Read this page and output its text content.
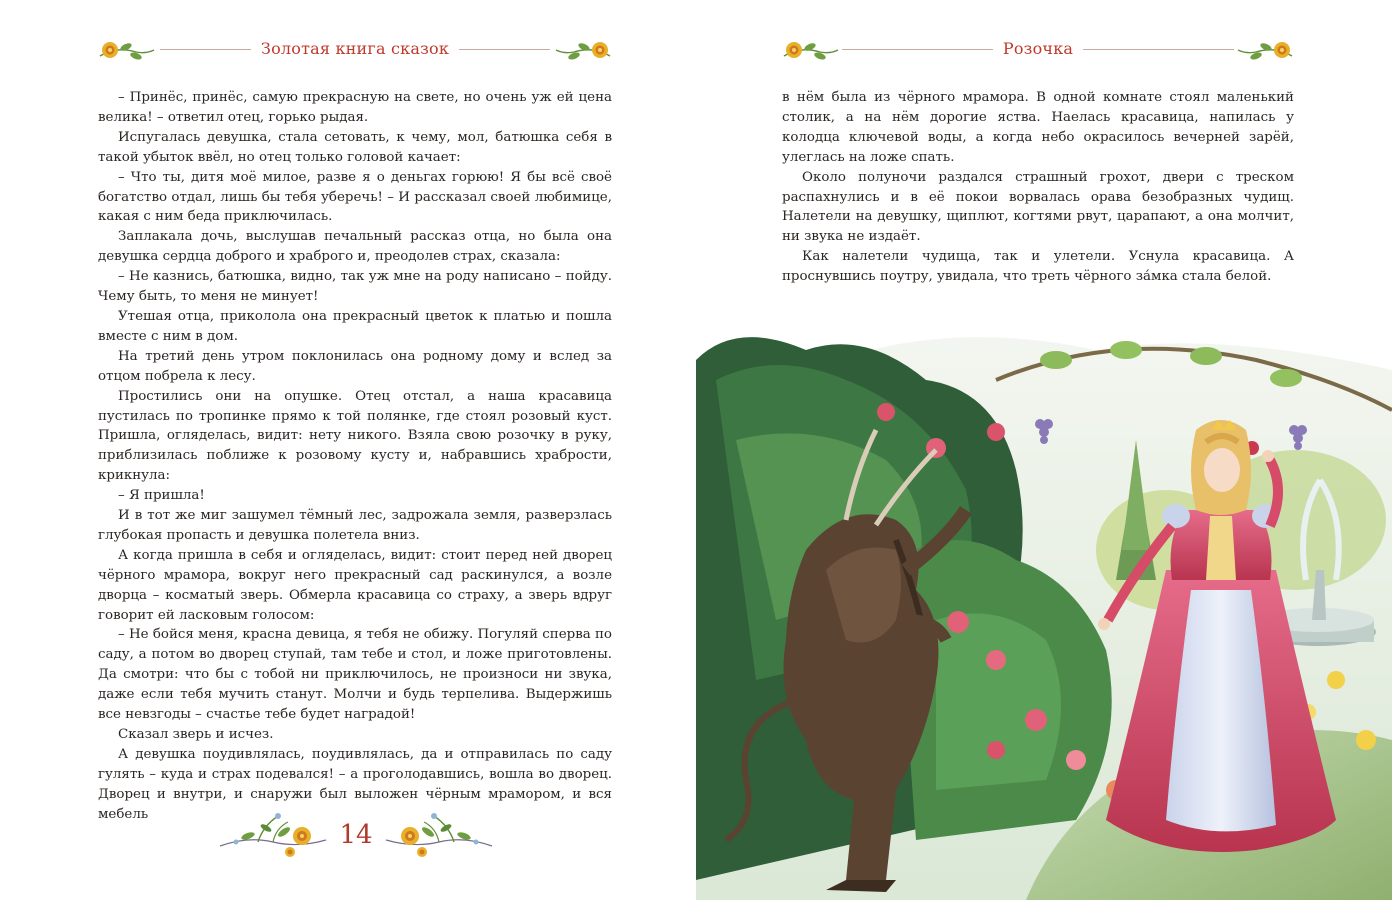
Золотая книга сказок

– Принёс, принёс, самую прекрасную на свете, но очень уж ей цена велика! – ответил отец, горько рыдая.

Испугалась девушка, стала сетовать, к чему, мол, батюшка себя в такой убыток ввёл, но отец только головой качает:

– Что ты, дитя моё милое, разве я о деньгах горюю! Я бы всё своё богатство отдал, лишь бы тебя уберечь! – И рассказал своей любимице, какая с ним беда приключилась.

Заплакала дочь, выслушав печальный рассказ отца, но была она девушка сердца доброго и храброго и, преодолев страх, сказала:

– Не казнись, батюшка, видно, так уж мне на роду написано – пойду. Чему быть, то меня не минует!

Утешая отца, приколола она прекрасный цветок к платью и пошла вместе с ним в дом.

На третий день утром поклонилась она родному дому и вслед за отцом побрела к лесу.

Простились они на опушке. Отец отстал, а наша красавица пустилась по тропинке прямо к той полянке, где стоял розовый куст. Пришла, огляделась, видит: нету никого. Взяла свою розочку в руку, приблизилась поближе к розовому кусту и, набравшись храбрости, крикнула:

– Я пришла!

И в тот же миг зашумел тёмный лес, задрожала земля, разверзлась глубокая пропасть и девушка полетела вниз.

А когда пришла в себя и огляделась, видит: стоит перед ней дворец чёрного мрамора, вокруг него прекрасный сад раскинулся, а возле дворца – косматый зверь. Обмерла красавица со страху, а зверь вдруг говорит ей ласковым голосом:

– Не бойся меня, красна девица, я тебя не обижу. Погуляй сперва по саду, а потом во дворец ступай, там тебе и стол, и ложе приготовлены. Да смотри: что бы с тобой ни приключилось, не произноси ни звука, даже если тебя мучить станут. Молчи и будь терпелива. Выдержишь все невзгоды – счастье тебе будет наградой!

Сказал зверь и исчез.

А девушка поудивлялась, поудивлялась, да и отправилась по саду гулять – куда и страх подевался! – а проголодавшись, вошла во дворец. Дворец и внутри, и снаружи был выложен чёрным мрамором, и вся мебель

14
Розочка

в нём была из чёрного мрамора. В одной комнате стоял маленький столик, а на нём дорогие яства. Наелась красавица, напилась у колодца ключевой воды, а когда небо окрасилось вечерней зарёй, улеглась на ложе спать.

Около полуночи раздался страшный грохот, двери с треском распахнулись и в её покои ворвалась орава безобразных чудищ. Налетели на девушку, щиплют, когтями рвут, царапают, а она молчит, ни звука не издаёт.

Как налетели чудища, так и улетели. Уснула красавица. А проснувшись поутру, увидала, что треть чёрного за́мка стала белой.
